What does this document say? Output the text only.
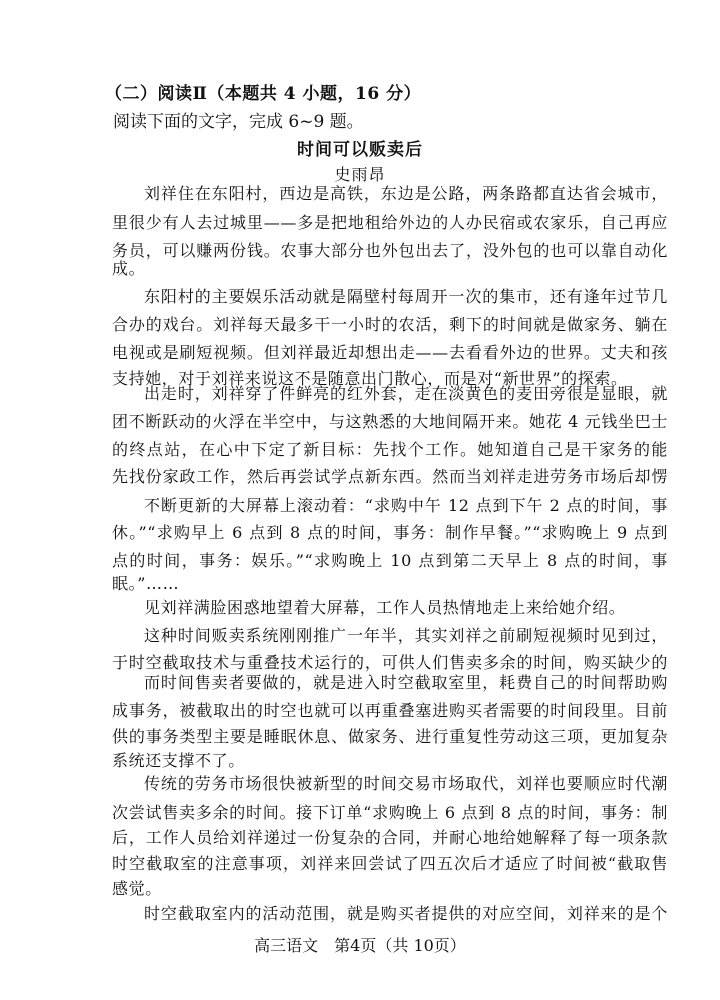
（二）阅读Ⅱ（本题共 4 小题，16 分）
阅读下面的文字，完成 6~9 题。
时间可以贩卖后
史雨昂
刘祥住在东阳村，西边是高铁，东边是公路，两条路都直达省会城市，
里很少有人去过城里——多是把地租给外边的人办民宿或农家乐，自己再应
务员，可以赚两份钱。农事大部分也外包出去了，没外包的也可以靠自动化
成。
东阳村的主要娱乐活动就是隔壁村每周开一次的集市，还有逢年过节几
合办的戏台。刘祥每天最多干一小时的农活，剩下的时间就是做家务、躺在
电视或是刷短视频。但刘祥最近却想出走——去看看外边的世界。丈夫和孩
支持她，对于刘祥来说这不是随意出门散心，而是对“新世界”的探索。
出走时，刘祥穿了件鲜亮的红外套，走在淡黄色的麦田旁很是显眼，就
团不断跃动的火浮在半空中，与这熟悉的大地间隔开来。她花 4 元钱坐巴士
的终点站，在心中下定了新目标：先找个工作。她知道自己是干家务的能
先找份家政工作，然后再尝试学点新东西。然而当刘祥走进劳务市场后却愣
不断更新的大屏幕上滚动着：“求购中午 12 点到下午 2 点的时间，事
休。”“求购早上 6 点到 8 点的时间，事务：制作早餐。”“求购晚上 9 点到
点的时间，事务：娱乐。”“求购晚上 10 点到第二天早上 8 点的时间，事
眠。”……
见刘祥满脸困惑地望着大屏幕，工作人员热情地走上来给她介绍。
这种时间贩卖系统刚刚推广一年半，其实刘祥之前刷短视频时见到过，
于时空截取技术与重叠技术运行的，可供人们售卖多余的时间，购买缺少的
而时间售卖者要做的，就是进入时空截取室里，耗费自己的时间帮助购
成事务，被截取出的时空也就可以再重叠塞进购买者需要的时间段里。目前
供的事务类型主要是睡眠休息、做家务、进行重复性劳动这三项，更加复杂
系统还支撑不了。
传统的劳务市场很快被新型的时间交易市场取代，刘祥也要顺应时代潮
次尝试售卖多余的时间。接下订单“求购晚上 6 点到 8 点的时间，事务：制
后，工作人员给刘祥递过一份复杂的合同，并耐心地给她解释了每一项条款
时空截取室的注意事项，刘祥来回尝试了四五次后才适应了时间被“截取售
感觉。
时空截取室内的活动范围，就是购买者提供的对应空间，刘祥来的是个
高三语文　第4页（共 10页）
